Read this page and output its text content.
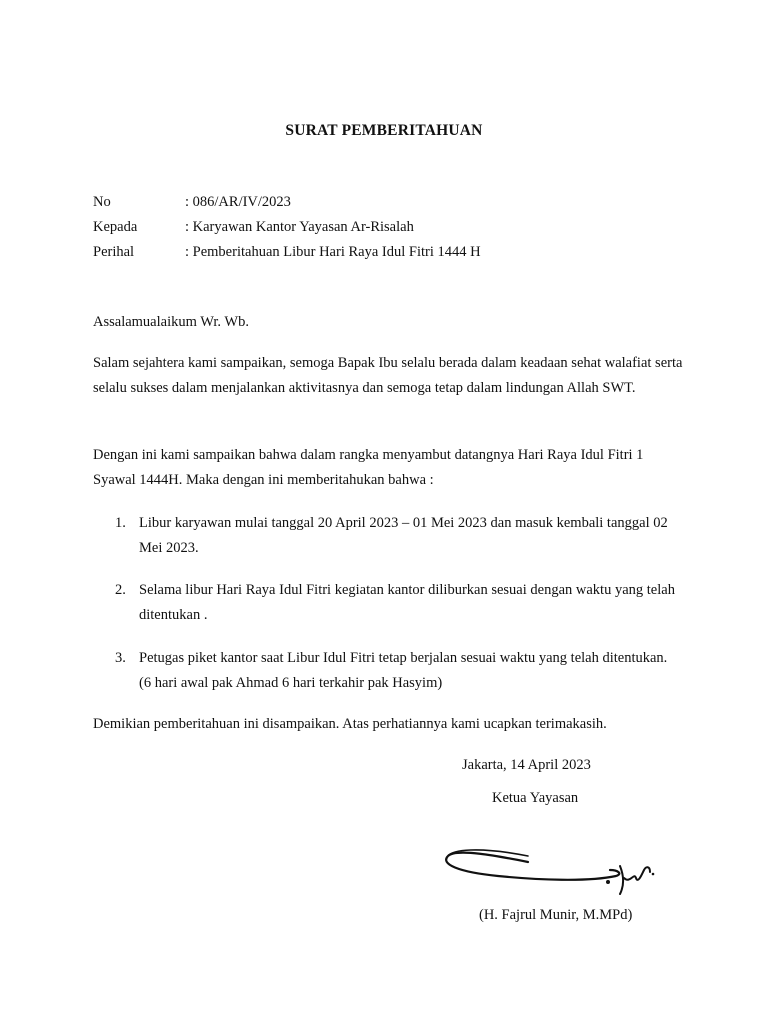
SURAT PEMBERITAHUAN
No	: 086/AR/IV/2023
Kepada	: Karyawan Kantor Yayasan Ar-Risalah
Perihal	: Pemberitahuan Libur Hari Raya Idul Fitri 1444 H
Assalamualaikum Wr. Wb.
Salam sejahtera kami sampaikan, semoga Bapak Ibu selalu berada dalam keadaan sehat walafiat serta selalu sukses dalam menjalankan aktivitasnya dan semoga tetap dalam lindungan Allah SWT.
Dengan ini kami sampaikan bahwa dalam rangka menyambut datangnya Hari Raya Idul Fitri 1 Syawal 1444H. Maka dengan ini memberitahukan bahwa :
1. Libur karyawan mulai tanggal 20 April 2023 – 01 Mei 2023 dan masuk kembali tanggal 02 Mei 2023.
2. Selama libur Hari Raya Idul Fitri kegiatan kantor diliburkan sesuai dengan waktu yang telah ditentukan .
3. Petugas piket kantor saat Libur Idul Fitri tetap berjalan sesuai waktu yang telah ditentukan. (6 hari awal pak Ahmad 6 hari terkahir pak Hasyim)
Demikian pemberitahuan ini disampaikan. Atas perhatiannya kami ucapkan terimakasih.
Jakarta, 14 April 2023
Ketua Yayasan
(H. Fajrul Munir, M.MPd)
